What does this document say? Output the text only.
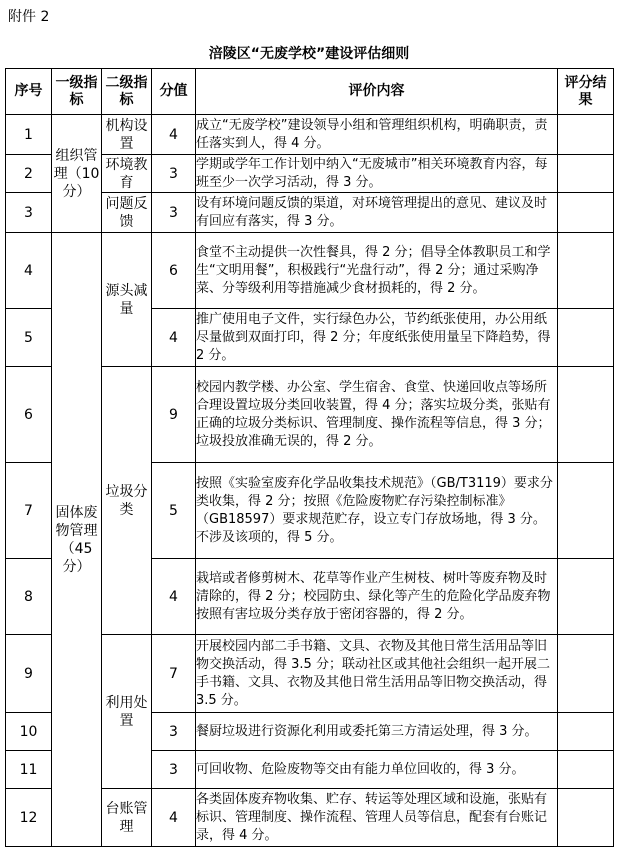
附件 2
涪陵区“无废学校”建设评估细则
序号	一级指标	二级指标	分值	评价内容	评分结果
1	组织管理（10 分）	机构设置	4	成立“无废学校”建设领导小组和管理组织机构，明确职责，责任落实到人，得 4 分。	
2		环境教育	3	学期或学年工作计划中纳入“无废城市”相关环境教育内容，每班至少一次学习活动，得 3 分。	
3		问题反馈	3	设有环境问题反馈的渠道，对环境管理提出的意见、建议及时有回应有落实，得 3 分。	
4	固体废物管理（45 分）	源头减量	6	食堂不主动提供一次性餐具，得 2 分；倡导全体教职员工和学生“文明用餐”，积极践行“光盘行动”，得 2 分；通过采购净菜、分等级利用等措施减少食材损耗的，得 2 分。	
5			4	推广使用电子文件，实行绿色办公，节约纸张使用，办公用纸尽量做到双面打印，得 2 分；年度纸张使用量呈下降趋势，得 2 分。	
6		垃圾分类	9	校园内教学楼、办公室、学生宿舍、食堂、快递回收点等场所合理设置垃圾分类回收装置，得 4 分；落实垃圾分类，张贴有正确的垃圾分类标识、管理制度、操作流程等信息，得 3 分；垃圾投放准确无误的，得 2 分。	
7			5	按照《实验室废弃化学品收集技术规范》（GB/T3119）要求分类收集，得 2 分；按照《危险废物贮存污染控制标准》（GB18597）要求规范贮存，设立专门存放场地，得 3 分。不涉及该项的，得 5 分。	
8			4	栽培或者修剪树木、花草等作业产生树枝、树叶等废弃物及时清除的，得 2 分；校园防虫、绿化等产生的危险化学品废弃物按照有害垃圾分类存放于密闭容器的，得 2 分。	
9		利用处置	7	开展校园内部二手书籍、文具、衣物及其他日常生活用品等旧物交换活动，得 3.5 分；联动社区或其他社会组织一起开展二手书籍、文具、衣物及其他日常生活用品等旧物交换活动，得 3.5 分。	
10			3	餐厨垃圾进行资源化利用或委托第三方清运处理，得 3 分。	
11			3	可回收物、危险废物等交由有能力单位回收的，得 3 分。	
12		台账管理	4	各类固体废弃物收集、贮存、转运等处理区域和设施，张贴有标识、管理制度、操作流程、管理人员等信息，配套有台账记录，得 4 分。	
